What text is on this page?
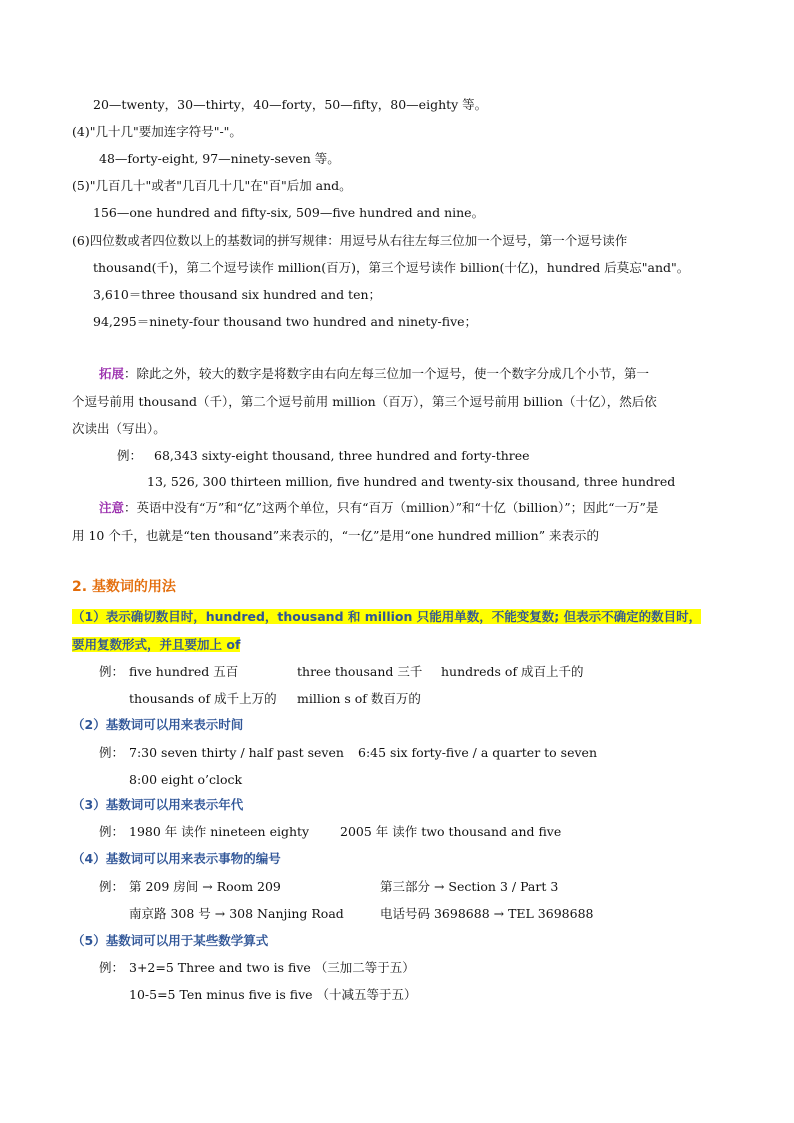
20—twenty，30—thirty，40—forty，50—fifty，80—eighty 等。
(4)"几十几"要加连字符号"-"。
48—forty-eight, 97—ninety-seven 等。
(5)"几百几十"或者"几百几十几"在"百"后加 and。
156—one hundred and fifty-six, 509—five hundred and nine。
(6)四位数或者四位数以上的基数词的拼写规律：用逗号从右往左每三位加一个逗号，第一个逗号读作
thousand(千)，第二个逗号读作 million(百万)，第三个逗号读作 billion(十亿)，hundred 后莫忘"and"。
3,610＝three thousand six hundred and ten；
94,295＝ninety-four thousand two hundred and ninety-five；
拓展：除此之外，较大的数字是将数字由右向左每三位加一个逗号，使一个数字分成几个小节，第一
个逗号前用 thousand（千），第二个逗号前用 million（百万），第三个逗号前用 billion（十亿），然后依
次读出（写出）。
例： 68,343 sixty-eight thousand, three hundred and forty-three
13, 526, 300 thirteen million, five hundred and twenty-six thousand, three hundred
注意：英语中没有“万”和“亿”这两个单位，只有“百万（million）”和“十亿（billion）”；因此“一万”是
用 10 个千，也就是“ten thousand”来表示的，“一亿”是用“one hundred million” 来表示的
2. 基数词的用法
（1）表示确切数目时，hundred，thousand 和 million 只能用单数，不能变复数; 但表示不确定的数目时，
要用复数形式，并且要加上 of
例： five hundred 五百	three thousand 三千 hundreds of 成百上千的
thousands of 成千上万的 million s of 数百万的
（2）基数词可以用来表示时间
例： 7:30 seven thirty / half past seven 6:45 six forty-five / a quarter to seven
8:00 eight o’clock
（3）基数词可以用来表示年代
例： 1980 年 读作 nineteen eighty 2005 年 读作 two thousand and five
（4）基数词可以用来表示事物的编号
例： 第 209 房间 → Room 209	第三部分 → Section 3 / Part 3
南京路 308 号 → 308 Nanjing Road	电话号码 3698688 → TEL 3698688
（5）基数词可以用于某些数学算式
例： 3+2=5 Three and two is five （三加二等于五）
10-5=5 Ten minus five is five （十减五等于五）
